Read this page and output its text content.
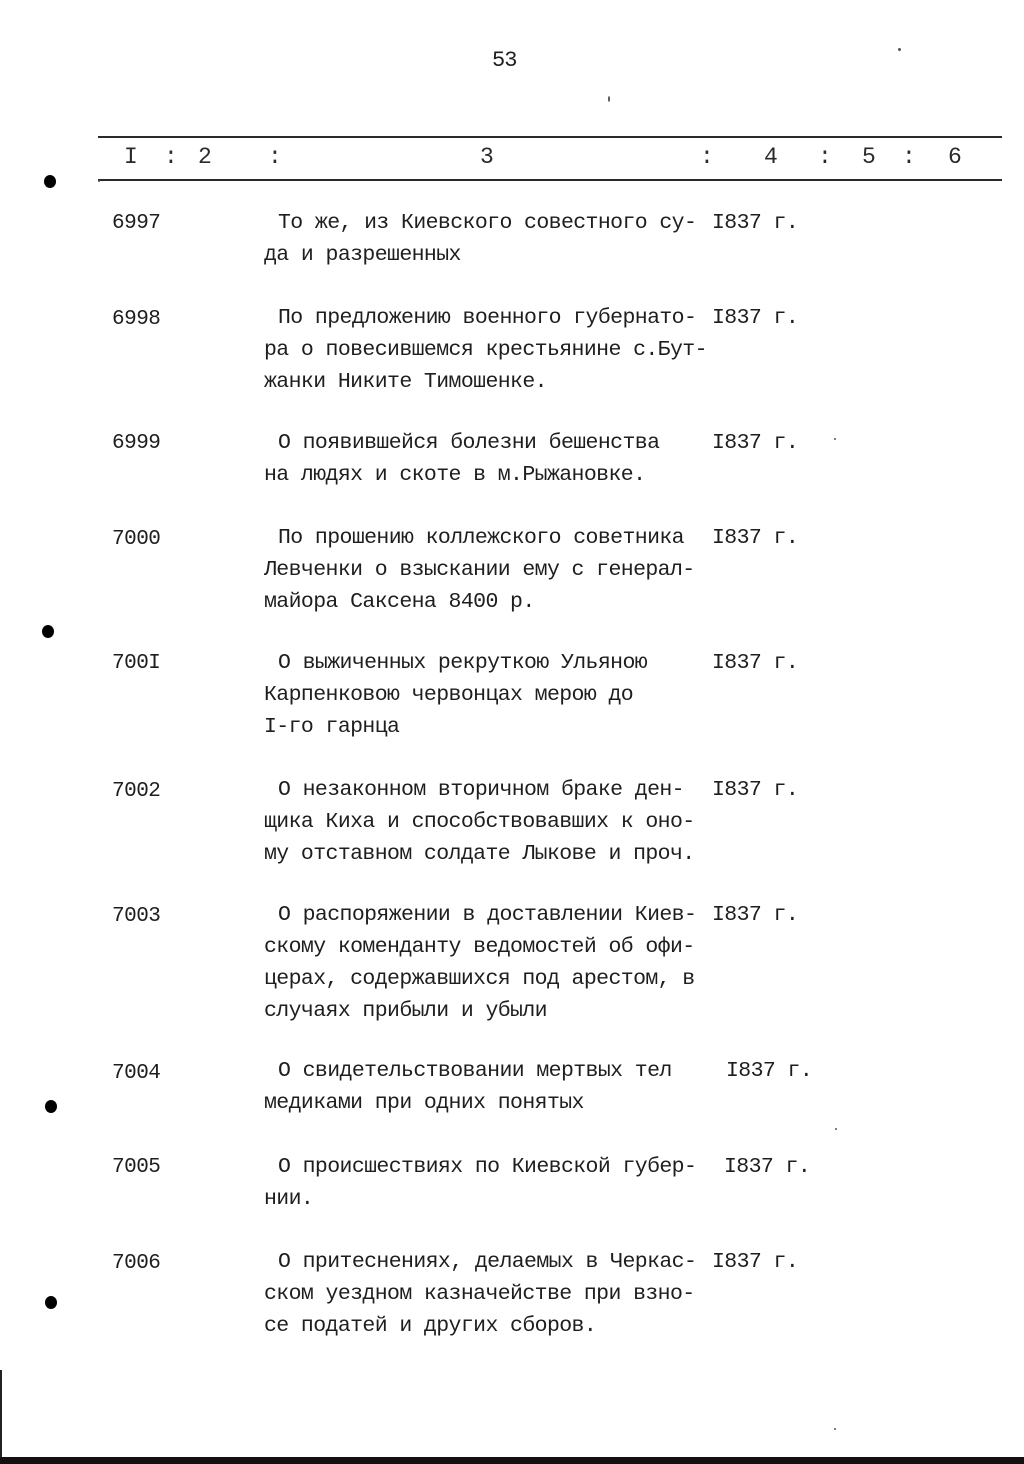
53
I : 2 :	3	: 4 : 5 : 6
6997	То же, из Киевского совестного су-
да и разрешенных
I837 г.
6998	По предложению военного губернато-
ра о повесившемся крестьянине с.Бут-
жанки Никите Тимошенке.
I837 г.
6999	О появившейся болезни бешенства
на людях и скоте в м.Рыжановке.
I837 г.
7000	По прошению коллежского советника
Левченки о взыскании ему с генерал-
майора Саксена 8400 р.
I837 г.
700I	О выжиченных рекруткою Ульяною
Карпенковою червонцах мерою до
I-го гарнца
I837 г.
7002	О незаконном вторичном браке ден-
щика Киха и способствовавших к оно-
му отставном солдате Лыкове и проч.
I837 г.
7003	О распоряжении в доставлении Киев-
скому коменданту ведомостей об офи-
церах, содержавшихся под арестом, в
случаях прибыли и убыли
I837 г.
7004	О свидетельствовании мертвых тел
медиками при одних понятых
I837 г.
7005	О происшествиях по Киевской губер-
нии.
I837 г.
7006	О притеснениях, делаемых в Черкас-
ском уездном казначействе при взно-
се податей и других сборов.
I837 г.
